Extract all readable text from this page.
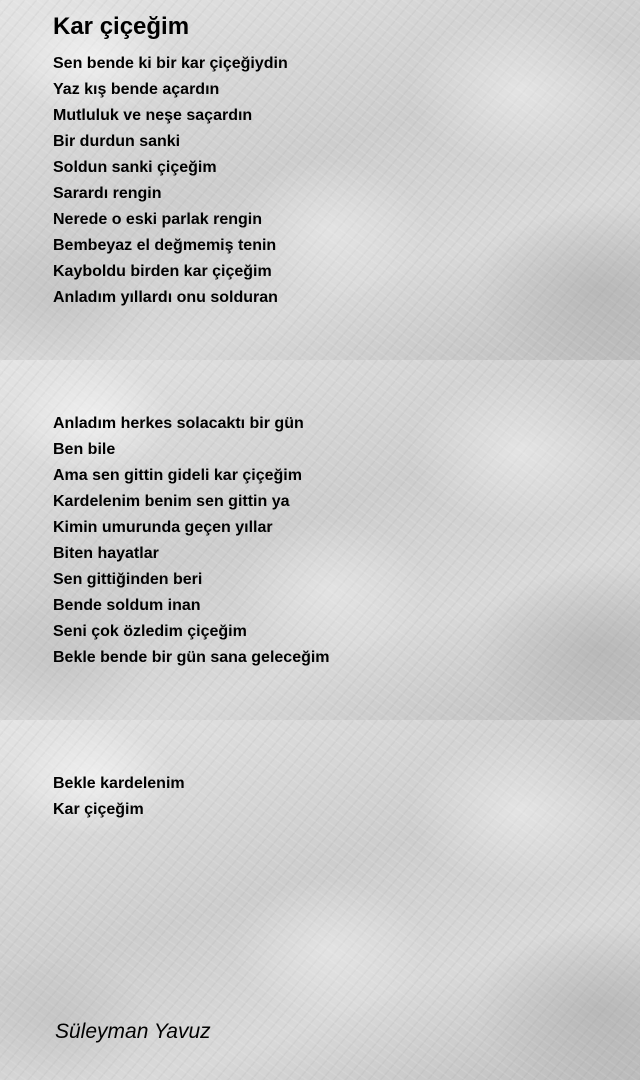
Kar çiçeğim
Sen bende ki bir kar çiçeğiydin
Yaz kış bende açardın
Mutluluk ve neşe saçardın
Bir durdun sanki
Soldun sanki çiçeğim
Sarardı rengin
Nerede o eski parlak rengin
Bembeyaz el değmemiş tenin
Kayboldu birden kar çiçeğim
Anladım yıllardı onu solduran
Anladım herkes solacaktı bir gün
Ben bile
Ama sen gittin gideli kar çiçeğim
Kardelenim benim sen gittin ya
Kimin umurunda geçen yıllar
Biten hayatlar
Sen gittiğinden beri
Bende soldum inan
Seni çok özledim çiçeğim
Bekle bende bir gün sana geleceğim
Bekle kardelenim
Kar çiçeğim
Süleyman Yavuz
